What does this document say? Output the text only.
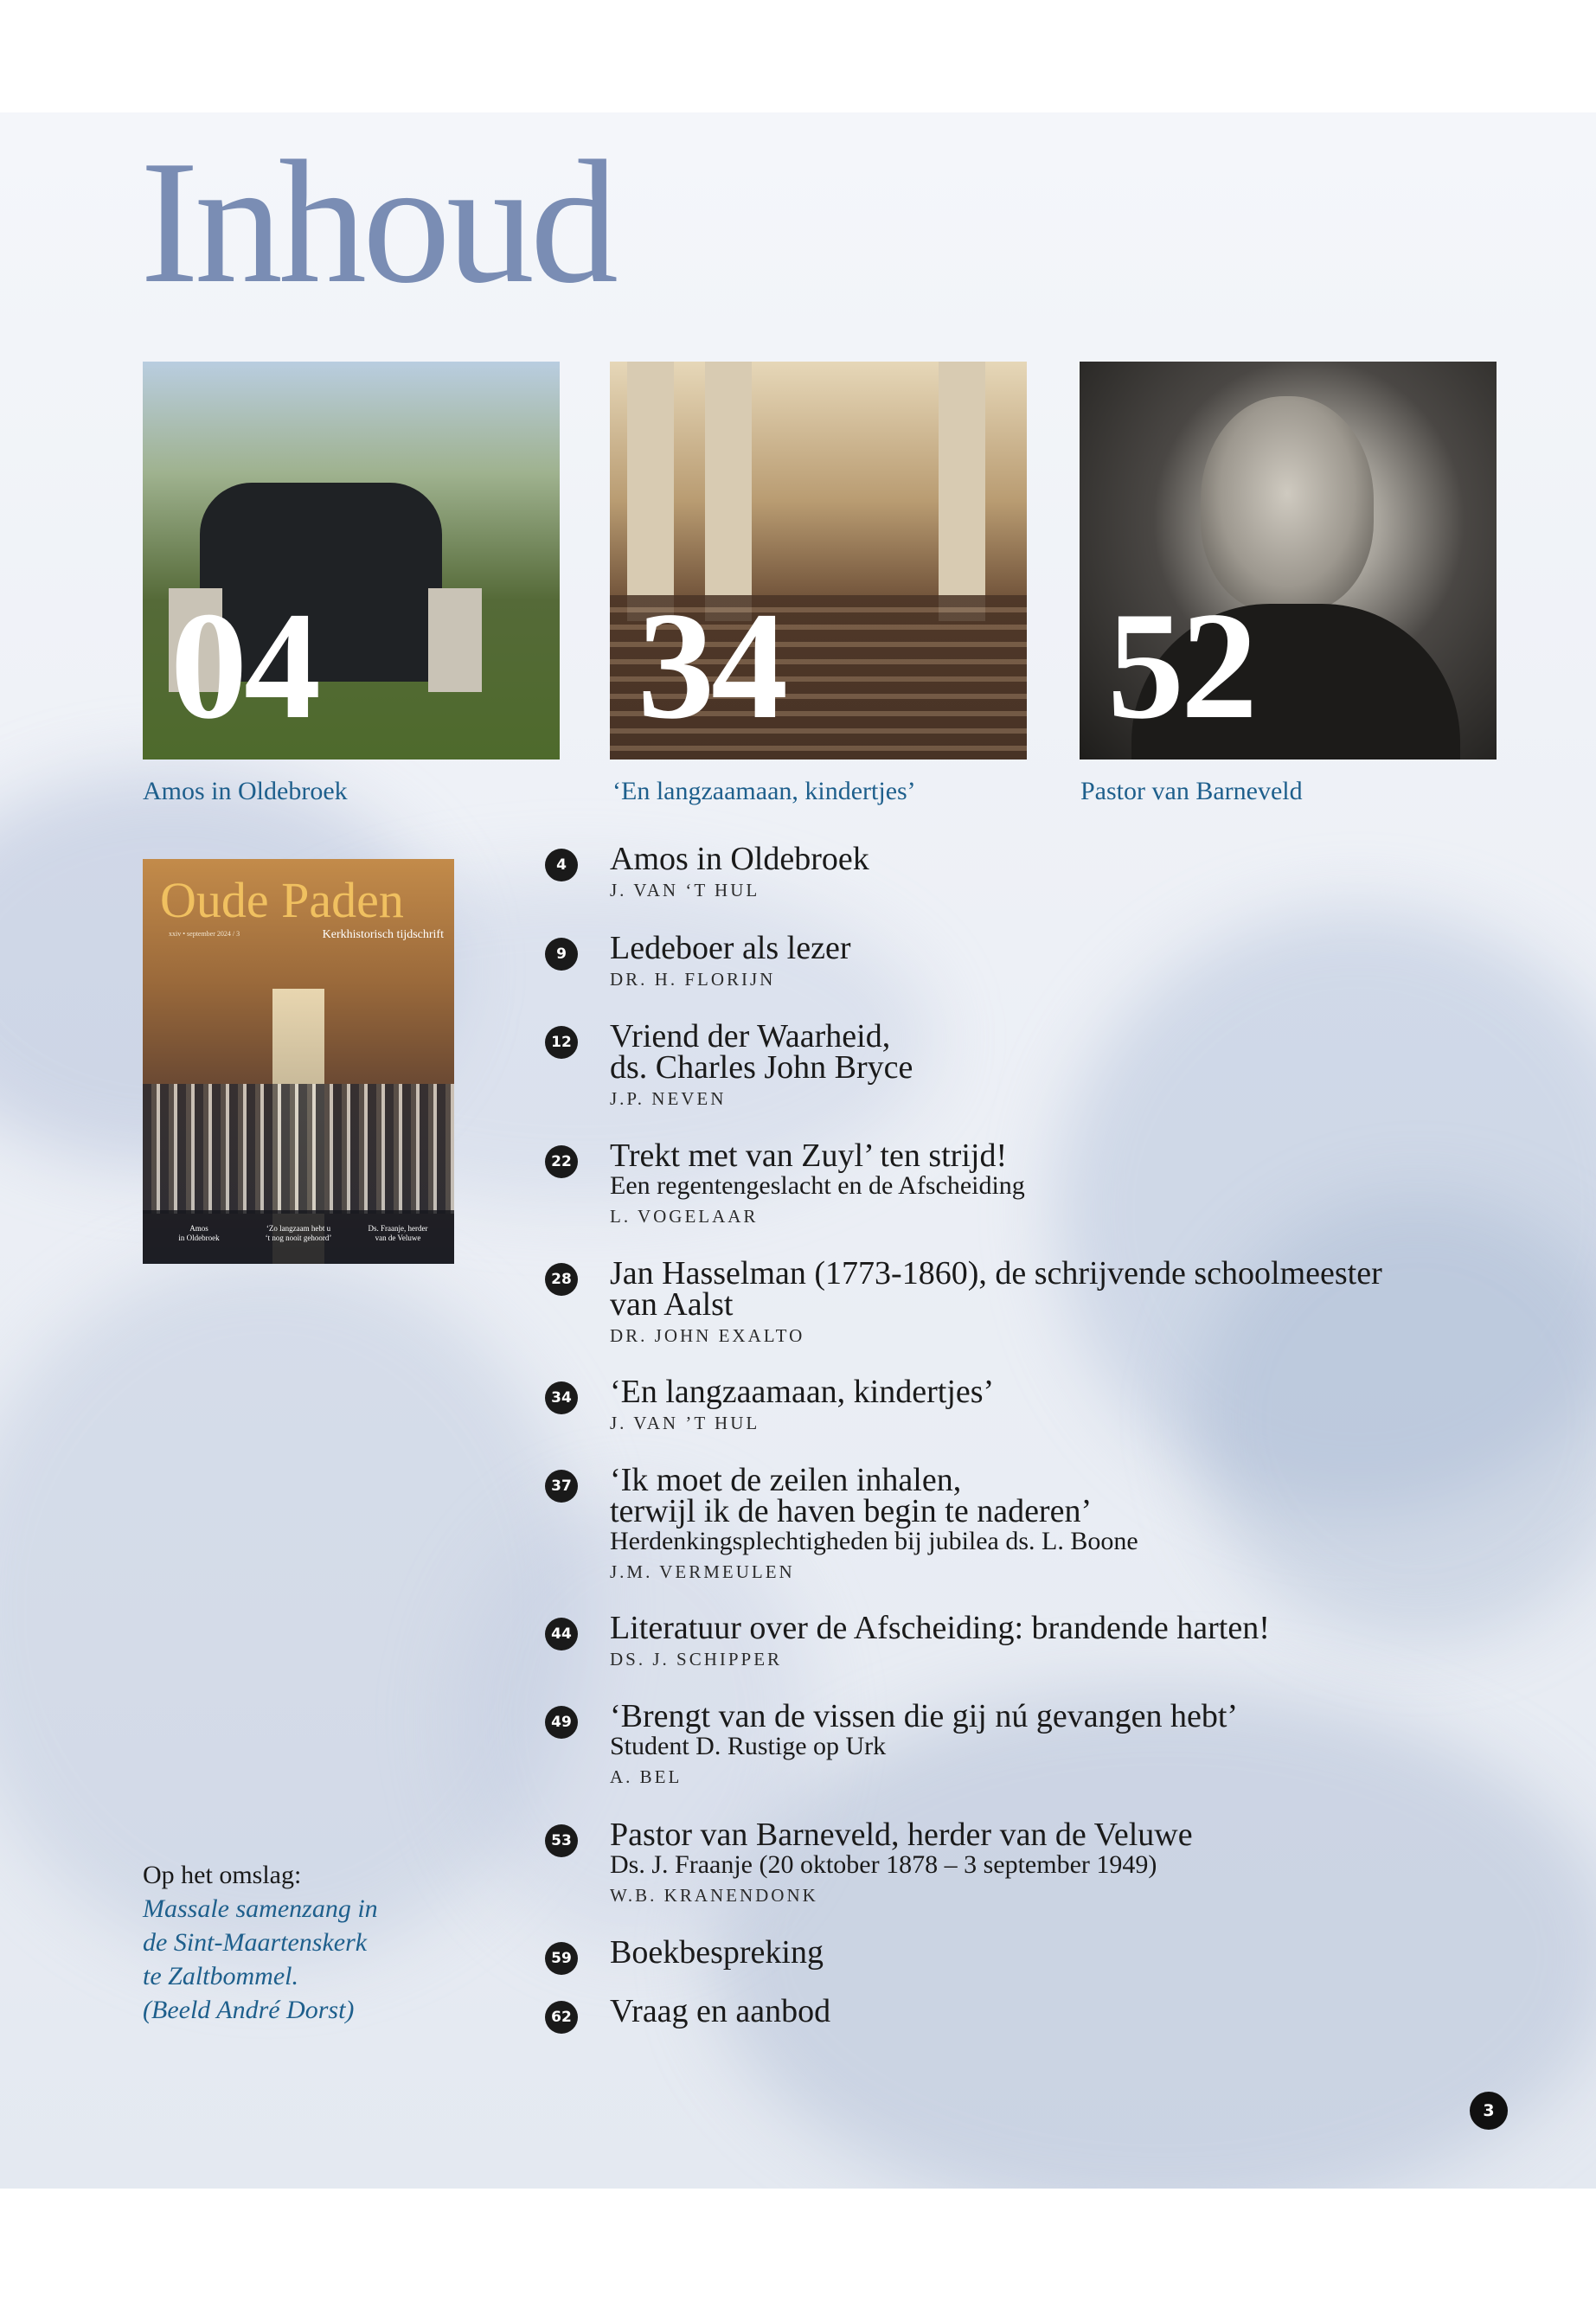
Inhoud
04 34 52
Amos in Oldebroek	‘En langzaamaan, kindertjes’	Pastor van Barneveld
Oude Paden
xxiv • september 2024 / 3	Kerkhistorisch tijdschrift
Amos
in Oldebroek
‘Zo langzaam hebt u
‘t nog nooit gehoord’
Ds. Fraanje, herder
van de Veluwe
4	Amos in Oldebroek

J. VAN ‘T HUL

9	Ledeboer als lezer

DR. H. FLORIJN

12 Vriend der Waarheid,
ds. Charles John Bryce

J.P. NEVEN

22 Trekt met van Zuyl’ ten strijd!

Een regentengeslacht en de Afscheiding

L. VOGELAAR

28 Jan Hasselman (1773-1860), de schrijvende schoolmeester
van Aalst

DR. JOHN EXALTO

34 ‘En langzaamaan, kindertjes’

J. VAN ’T HUL

37 ‘Ik moet de zeilen inhalen,
terwijl ik de haven begin te naderen’

Herdenkingsplechtigheden bij jubilea ds. L. Boone

J.M. VERMEULEN

44 Literatuur over de Afscheiding: brandende harten!

DS. J. SCHIPPER

49 ‘Brengt van de vissen die gij nú gevangen hebt’

Student D. Rustige op Urk

A. BEL

53 Pastor van Barneveld, herder van de Veluwe

Ds. J. Fraanje (20 oktober 1878 – 3 september 1949)

W.B. KRANENDONK

59 Boekbespreking

62 Vraag en aanbod

Op het omslag:
Massale samenzang in
de Sint-Maartenskerk
te Zaltbommel.
(Beeld André Dorst)
3
